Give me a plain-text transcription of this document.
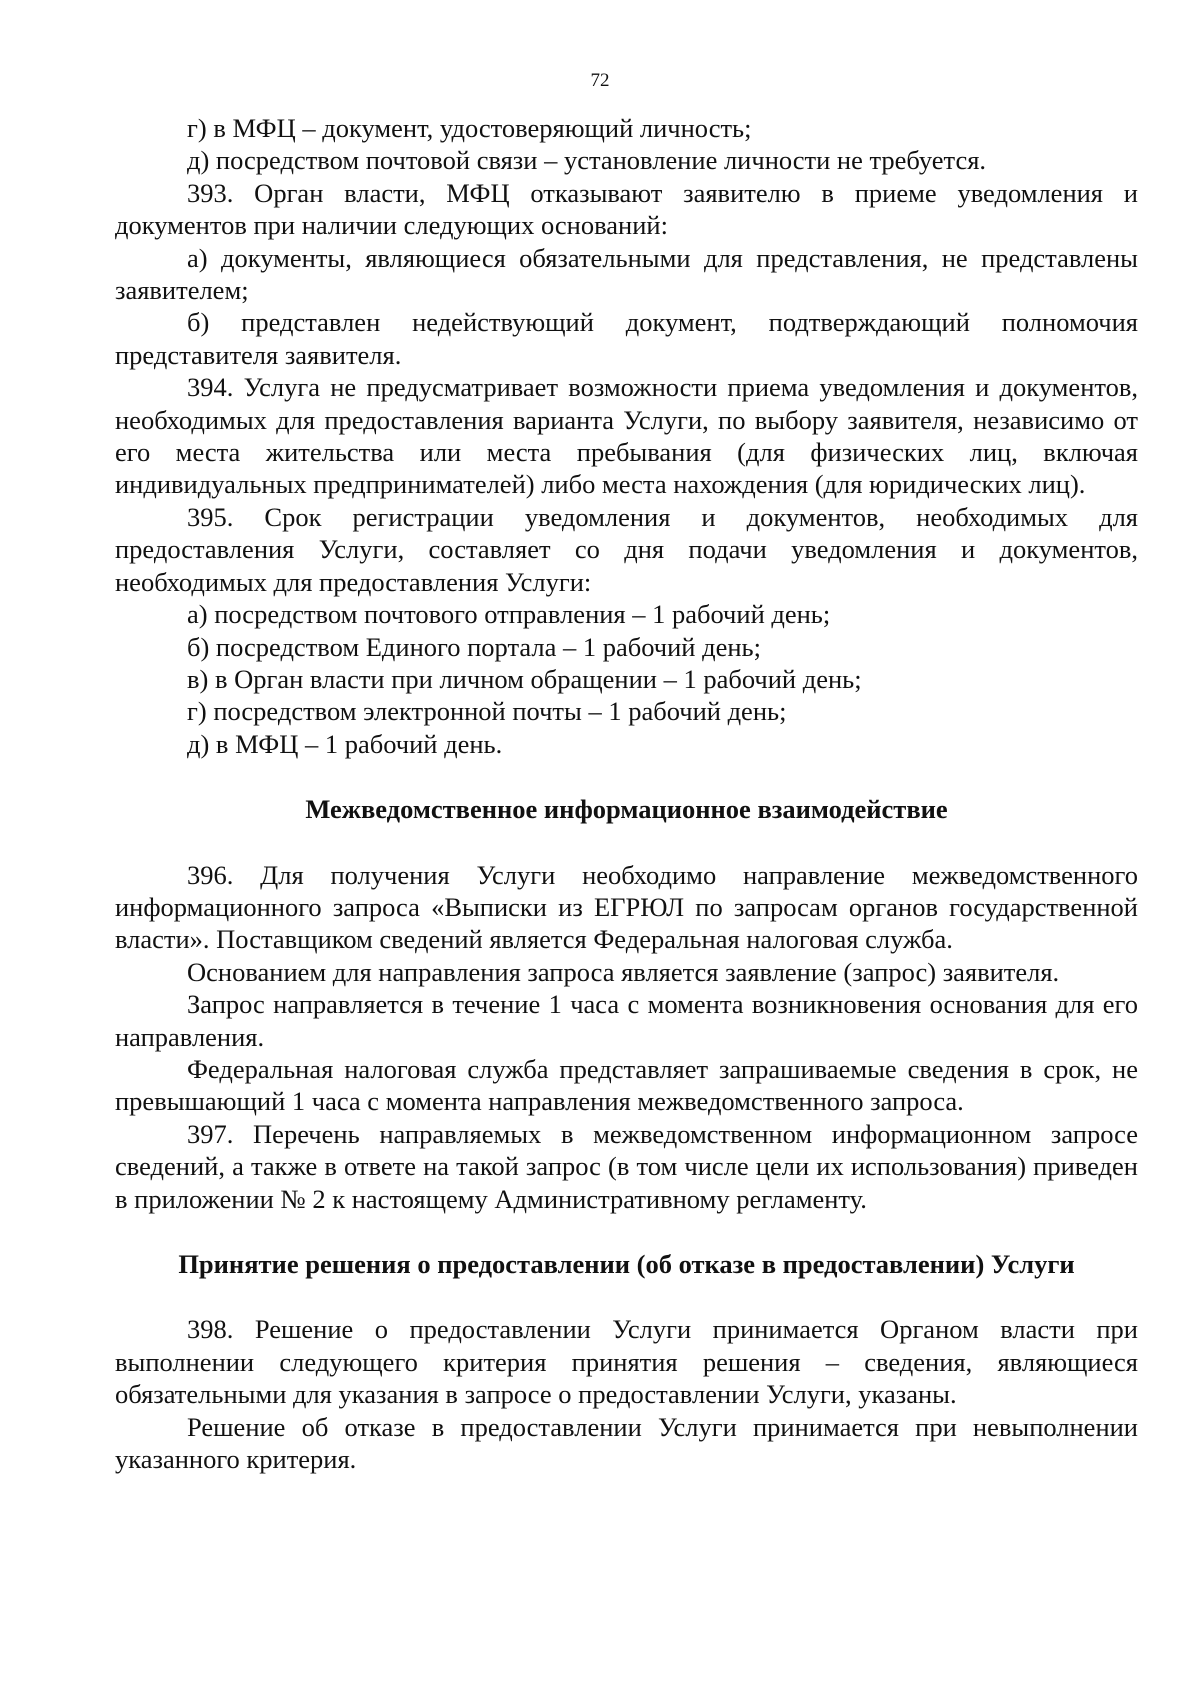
72

г) в МФЦ – документ, удостоверяющий личность;

д) посредством почтовой связи – установление личности не требуется.

393. Орган власти, МФЦ отказывают заявителю в приеме уведомления и документов при наличии следующих оснований:

а) документы, являющиеся обязательными для представления, не представлены заявителем;

б) представлен недействующий документ, подтверждающий полномочия представителя заявителя.

394. Услуга не предусматривает возможности приема уведомления и документов, необходимых для предоставления варианта Услуги, по выбору заявителя, независимо от его места жительства или места пребывания (для физических лиц, включая индивидуальных предпринимателей) либо места нахождения (для юридических лиц).

395. Срок регистрации уведомления и документов, необходимых для предоставления Услуги, составляет со дня подачи уведомления и документов, необходимых для предоставления Услуги:

а) посредством почтового отправления – 1 рабочий день;

б) посредством Единого портала – 1 рабочий день;

в) в Орган власти при личном обращении – 1 рабочий день;

г) посредством электронной почты – 1 рабочий день;

д) в МФЦ – 1 рабочий день.

Межведомственное информационное взаимодействие

396. Для получения Услуги необходимо направление межведомственного информационного запроса «Выписки из ЕГРЮЛ по запросам органов государственной власти». Поставщиком сведений является Федеральная налоговая служба.

Основанием для направления запроса является заявление (запрос) заявителя.

Запрос направляется в течение 1 часа с момента возникновения основания для его направления.

Федеральная налоговая служба представляет запрашиваемые сведения в срок, не превышающий 1 часа с момента направления межведомственного запроса.

397. Перечень направляемых в межведомственном информационном запросе сведений, а также в ответе на такой запрос (в том числе цели их использования) приведен в приложении № 2 к настоящему Административному регламенту.

Принятие решения о предоставлении (об отказе в предоставлении) Услуги

398. Решение о предоставлении Услуги принимается Органом власти при выполнении следующего критерия принятия решения – сведения, являющиеся обязательными для указания в запросе о предоставлении Услуги, указаны.

Решение об отказе в предоставлении Услуги принимается при невыполнении указанного критерия.
